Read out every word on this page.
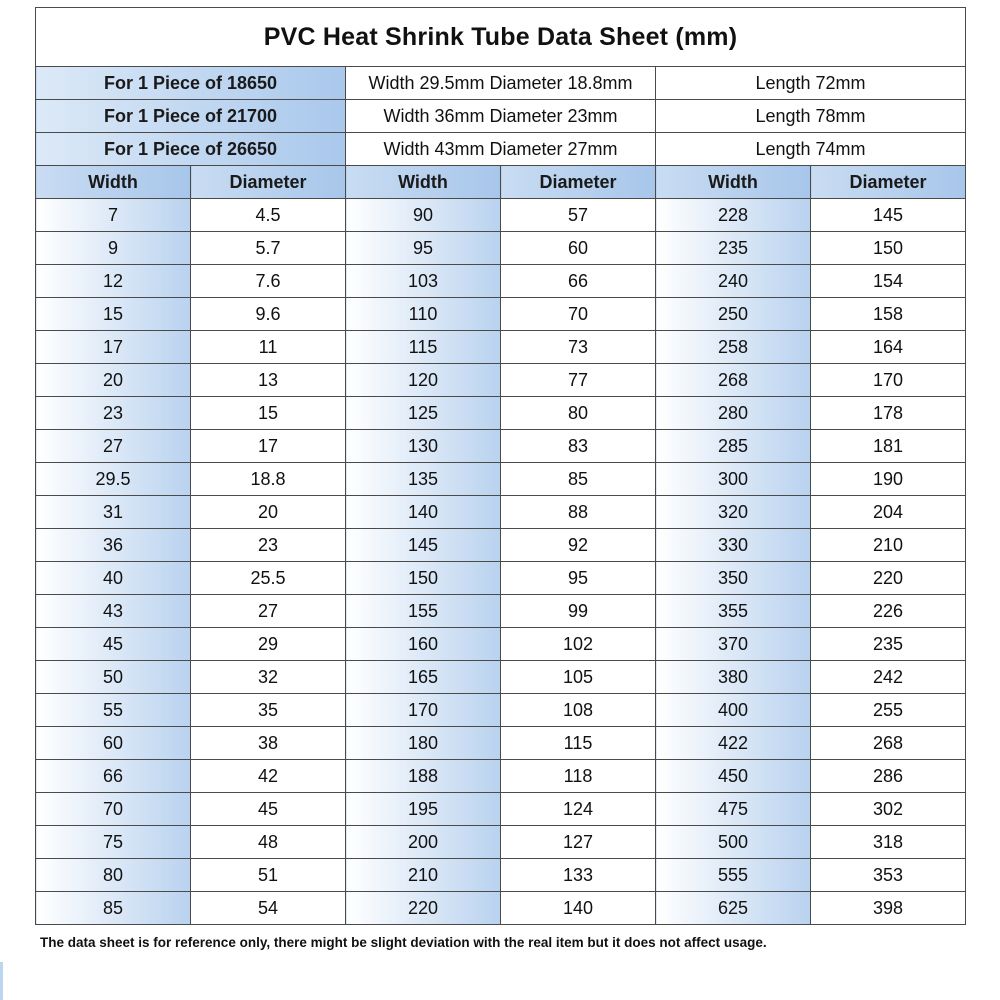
PVC Heat Shrink Tube Data Sheet (mm)					
For 1 Piece of 18650		Width 29.5mm Diameter 18.8mm		Length 72mm	
For 1 Piece of 21700		Width 36mm Diameter 23mm		Length 78mm	
For 1 Piece of 26650		Width 43mm Diameter 27mm		Length 74mm	
Width	Diameter	Width	Diameter	Width	Diameter
7	4.5	90	57	228	145
9	5.7	95	60	235	150
12	7.6	103	66	240	154
15	9.6	110	70	250	158
17	11	115	73	258	164
20	13	120	77	268	170
23	15	125	80	280	178
27	17	130	83	285	181
29.5	18.8	135	85	300	190
31	20	140	88	320	204
36	23	145	92	330	210
40	25.5	150	95	350	220
43	27	155	99	355	226
45	29	160	102	370	235
50	32	165	105	380	242
55	35	170	108	400	255
60	38	180	115	422	268
66	42	188	118	450	286
70	45	195	124	475	302
75	48	200	127	500	318
80	51	210	133	555	353
85	54	220	140	625	398
The data sheet is for reference only, there might be slight deviation with the real item but it does not affect usage.
